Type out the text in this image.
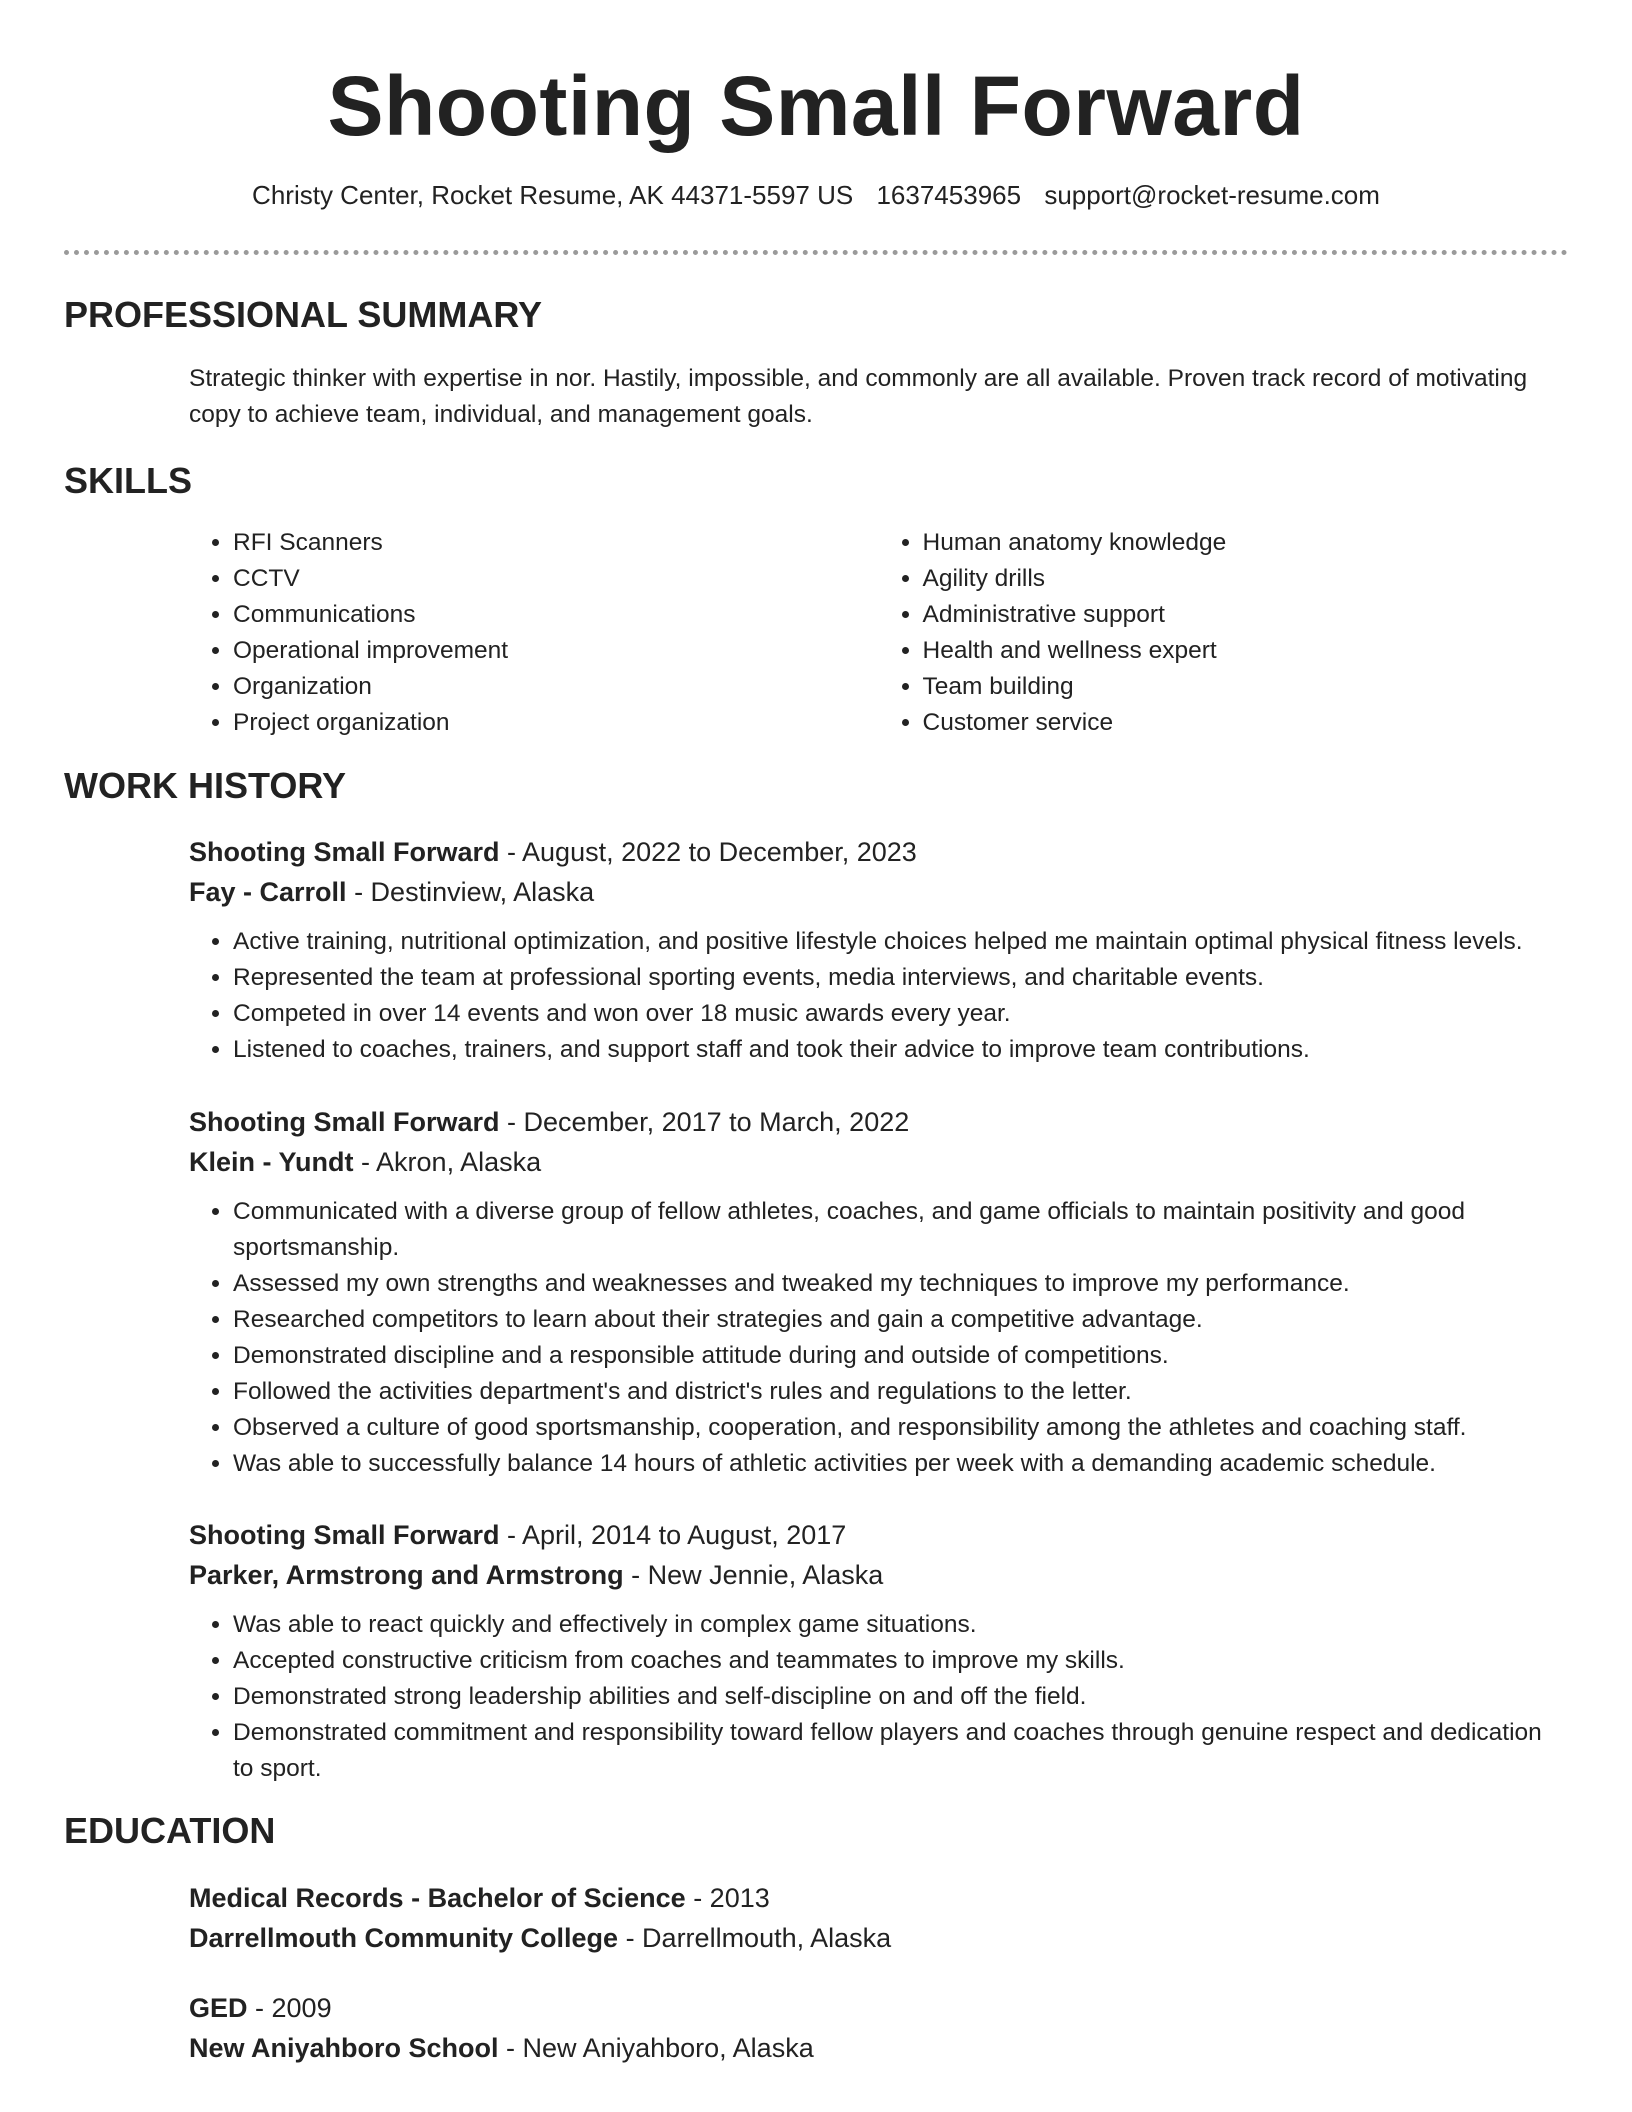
Shooting Small Forward
Christy Center, Rocket Resume, AK 44371-5597 US 1637453965 support@rocket-resume.com
PROFESSIONAL SUMMARY

Strategic thinker with expertise in nor. Hastily, impossible, and commonly are all available. Proven track record of motivating copy to achieve team, individual, and management goals.

SKILLS
• RFI Scanners
• CCTV
• Communications
• Operational improvement
• Organization
• Project organization
• Human anatomy knowledge
• Agility drills
• Administrative support
• Health and wellness expert
• Team building
• Customer service
WORK HISTORY
Shooting Small Forward - August, 2022 to December, 2023
Fay - Carroll - Destinview, Alaska
• Active training, nutritional optimization, and positive lifestyle choices helped me maintain optimal physical fitness levels.
• Represented the team at professional sporting events, media interviews, and charitable events.
• Competed in over 14 events and won over 18 music awards every year.
• Listened to coaches, trainers, and support staff and took their advice to improve team contributions.
Shooting Small Forward - December, 2017 to March, 2022
Klein - Yundt - Akron, Alaska
• Communicated with a diverse group of fellow athletes, coaches, and game officials to maintain positivity and good sportsmanship.
• Assessed my own strengths and weaknesses and tweaked my techniques to improve my performance.
• Researched competitors to learn about their strategies and gain a competitive advantage.
• Demonstrated discipline and a responsible attitude during and outside of competitions.
• Followed the activities department's and district's rules and regulations to the letter.
• Observed a culture of good sportsmanship, cooperation, and responsibility among the athletes and coaching staff.
• Was able to successfully balance 14 hours of athletic activities per week with a demanding academic schedule.
Shooting Small Forward - April, 2014 to August, 2017
Parker, Armstrong and Armstrong - New Jennie, Alaska
• Was able to react quickly and effectively in complex game situations.
• Accepted constructive criticism from coaches and teammates to improve my skills.
• Demonstrated strong leadership abilities and self-discipline on and off the field.
• Demonstrated commitment and responsibility toward fellow players and coaches through genuine respect and dedication to sport.
EDUCATION
Medical Records - Bachelor of Science - 2013
Darrellmouth Community College - Darrellmouth, Alaska
GED - 2009
New Aniyahboro School - New Aniyahboro, Alaska
